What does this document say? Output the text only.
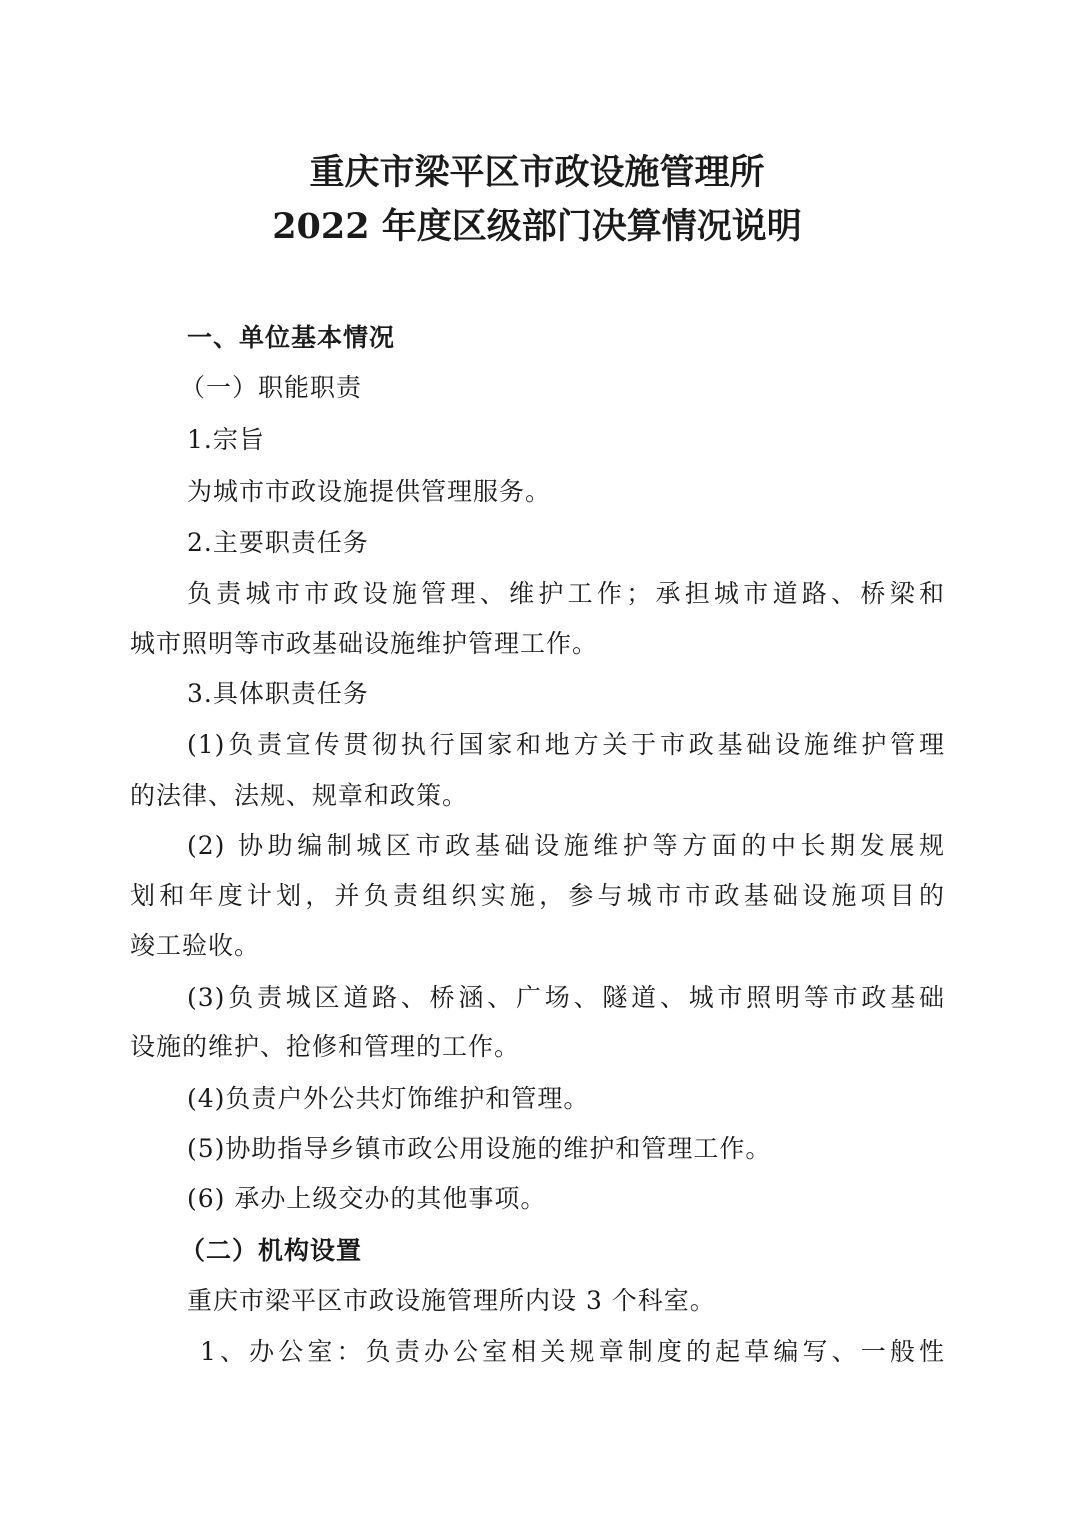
重庆市梁平区市政设施管理所
2022 年度区级部门决算情况说明
一、单位基本情况
（一）职能职责
1.宗旨
为城市市政设施提供管理服务。
2.主要职责任务
负责城市市政设施管理、维护工作；承担城市道路、桥梁和
城市照明等市政基础设施维护管理工作。
3.具体职责任务
(1)负责宣传贯彻执行国家和地方关于市政基础设施维护管理
的法律、法规、规章和政策。
(2) 协助编制城区市政基础设施维护等方面的中长期发展规
划和年度计划，并负责组织实施，参与城市市政基础设施项目的
竣工验收。
(3)负责城区道路、桥涵、广场、隧道、城市照明等市政基础
设施的维护、抢修和管理的工作。
(4)负责户外公共灯饰维护和管理。
(5)协助指导乡镇市政公用设施的维护和管理工作。
(6) 承办上级交办的其他事项。
（二）机构设置
重庆市梁平区市政设施管理所内设 3 个科室。
1、办公室：负责办公室相关规章制度的起草编写、一般性
